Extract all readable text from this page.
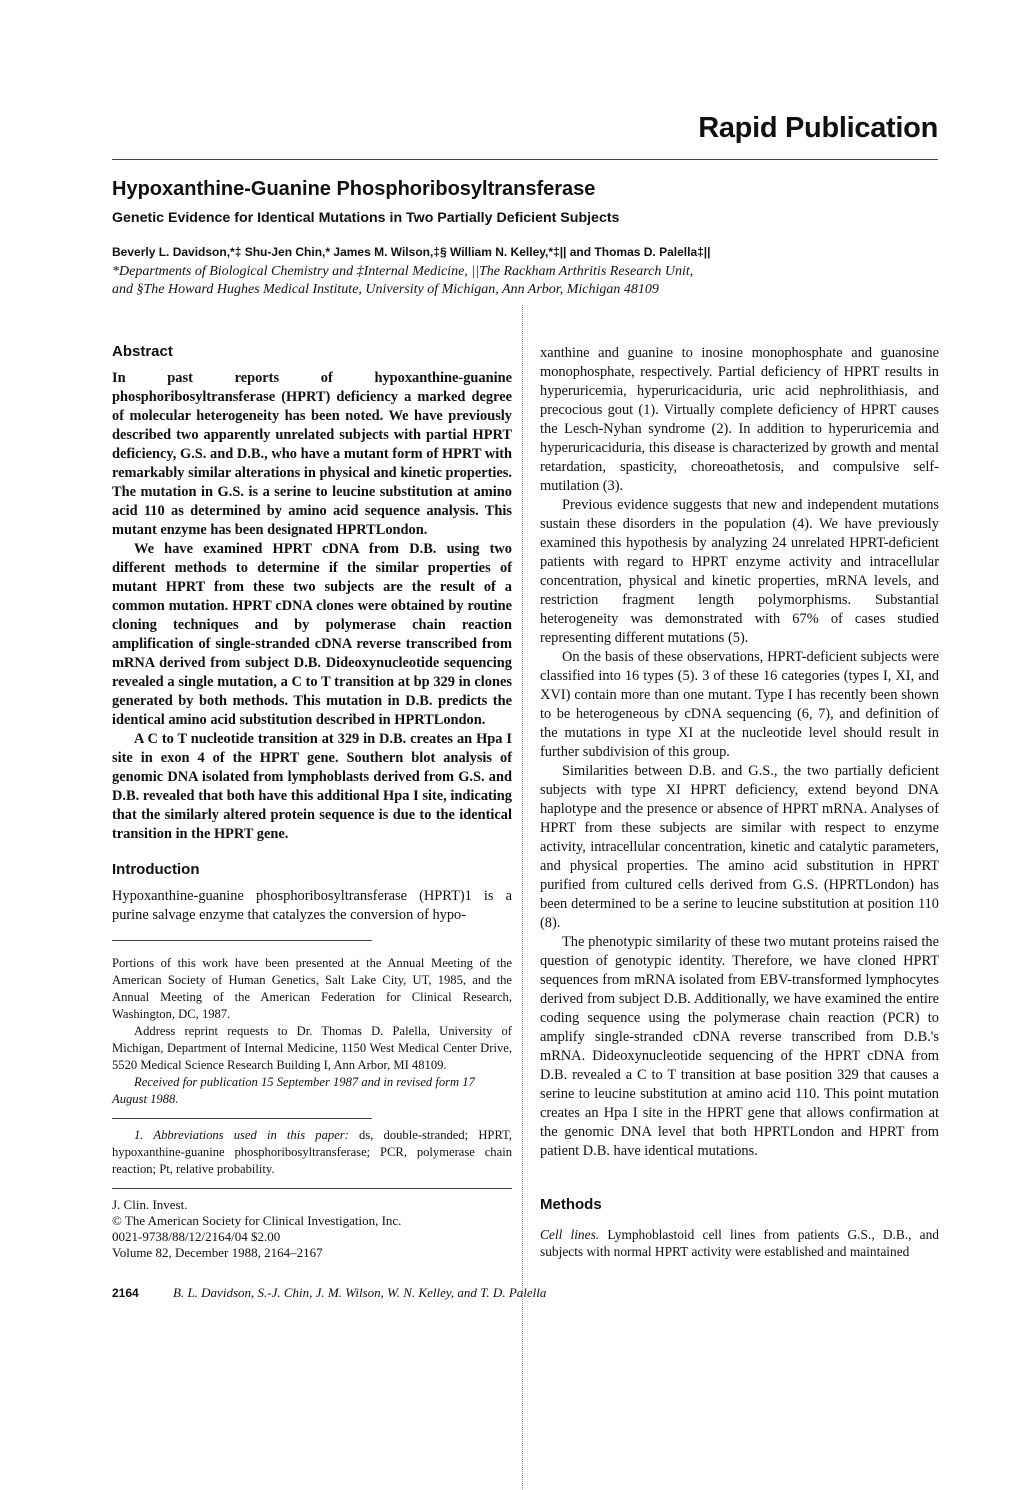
Rapid Publication
Hypoxanthine-Guanine Phosphoribosyltransferase
Genetic Evidence for Identical Mutations in Two Partially Deficient Subjects
Beverly L. Davidson,*‡ Shu-Jen Chin,* James M. Wilson,‡§ William N. Kelley,*‡|| and Thomas D. Palella‡||
*Departments of Biological Chemistry and ‡Internal Medicine, ||The Rackham Arthritis Research Unit,
and §The Howard Hughes Medical Institute, University of Michigan, Ann Arbor, Michigan 48109
Abstract

In past reports of hypoxanthine-guanine phosphoribosyltransferase (HPRT) deficiency a marked degree of molecular heterogeneity has been noted. We have previously described two apparently unrelated subjects with partial HPRT deficiency, G.S. and D.B., who have a mutant form of HPRT with remarkably similar alterations in physical and kinetic properties. The mutation in G.S. is a serine to leucine substitution at amino acid 110 as determined by amino acid sequence analysis. This mutant enzyme has been designated HPRTLondon.

We have examined HPRT cDNA from D.B. using two different methods to determine if the similar properties of mutant HPRT from these two subjects are the result of a common mutation. HPRT cDNA clones were obtained by routine cloning techniques and by polymerase chain reaction amplification of single-stranded cDNA reverse transcribed from mRNA derived from subject D.B. Dideoxynucleotide sequencing revealed a single mutation, a C to T transition at bp 329 in clones generated by both methods. This mutation in D.B. predicts the identical amino acid substitution described in HPRTLondon.

A C to T nucleotide transition at 329 in D.B. creates an Hpa I site in exon 4 of the HPRT gene. Southern blot analysis of genomic DNA isolated from lymphoblasts derived from G.S. and D.B. revealed that both have this additional Hpa I site, indicating that the similarly altered protein sequence is due to the identical transition in the HPRT gene.

Introduction

Hypoxanthine-guanine phosphoribosyltransferase (HPRT)1 is a purine salvage enzyme that catalyzes the conversion of hypo-

Portions of this work have been presented at the Annual Meeting of the American Society of Human Genetics, Salt Lake City, UT, 1985, and the Annual Meeting of the American Federation for Clinical Research, Washington, DC, 1987.

Address reprint requests to Dr. Thomas D. Palella, University of Michigan, Department of Internal Medicine, 1150 West Medical Center Drive, 5520 Medical Science Research Building I, Ann Arbor, MI 48109.

Received for publication 15 September 1987 and in revised form 17 August 1988.

1. Abbreviations used in this paper: ds, double-stranded; HPRT, hypoxanthine-guanine phosphoribosyltransferase; PCR, polymerase chain reaction; Pt, relative probability.

J. Clin. Invest.
© The American Society for Clinical Investigation, Inc.
0021-9738/88/12/2164/04 $2.00
Volume 82, December 1988, 2164–2167

xanthine and guanine to inosine monophosphate and guanosine monophosphate, respectively. Partial deficiency of HPRT results in hyperuricemia, hyperuricaciduria, uric acid nephrolithiasis, and precocious gout (1). Virtually complete deficiency of HPRT causes the Lesch-Nyhan syndrome (2). In addition to hyperuricemia and hyperuricaciduria, this disease is characterized by growth and mental retardation, spasticity, choreoathetosis, and compulsive self-mutilation (3).

Previous evidence suggests that new and independent mutations sustain these disorders in the population (4). We have previously examined this hypothesis by analyzing 24 unrelated HPRT-deficient patients with regard to HPRT enzyme activity and intracellular concentration, physical and kinetic properties, mRNA levels, and restriction fragment length polymorphisms. Substantial heterogeneity was demonstrated with 67% of cases studied representing different mutations (5).

On the basis of these observations, HPRT-deficient subjects were classified into 16 types (5). 3 of these 16 categories (types I, XI, and XVI) contain more than one mutant. Type I has recently been shown to be heterogeneous by cDNA sequencing (6, 7), and definition of the mutations in type XI at the nucleotide level should result in further subdivision of this group.

Similarities between D.B. and G.S., the two partially deficient subjects with type XI HPRT deficiency, extend beyond DNA haplotype and the presence or absence of HPRT mRNA. Analyses of HPRT from these subjects are similar with respect to enzyme activity, intracellular concentration, kinetic and catalytic parameters, and physical properties. The amino acid substitution in HPRT purified from cultured cells derived from G.S. (HPRTLondon) has been determined to be a serine to leucine substitution at position 110 (8).

The phenotypic similarity of these two mutant proteins raised the question of genotypic identity. Therefore, we have cloned HPRT sequences from mRNA isolated from EBV-transformed lymphocytes derived from subject D.B. Additionally, we have examined the entire coding sequence using the polymerase chain reaction (PCR) to amplify single-stranded cDNA reverse transcribed from D.B.'s mRNA. Dideoxynucleotide sequencing of the HPRT cDNA from D.B. revealed a C to T transition at base position 329 that causes a serine to leucine substitution at amino acid 110. This point mutation creates an Hpa I site in the HPRT gene that allows confirmation at the genomic DNA level that both HPRTLondon and HPRT from patient D.B. have identical mutations.

Methods
Cell lines. Lymphoblastoid cell lines from patients G.S., D.B., and subjects with normal HPRT activity were established and maintained
2164	B. L. Davidson, S.-J. Chin, J. M. Wilson, W. N. Kelley, and T. D. Palella
